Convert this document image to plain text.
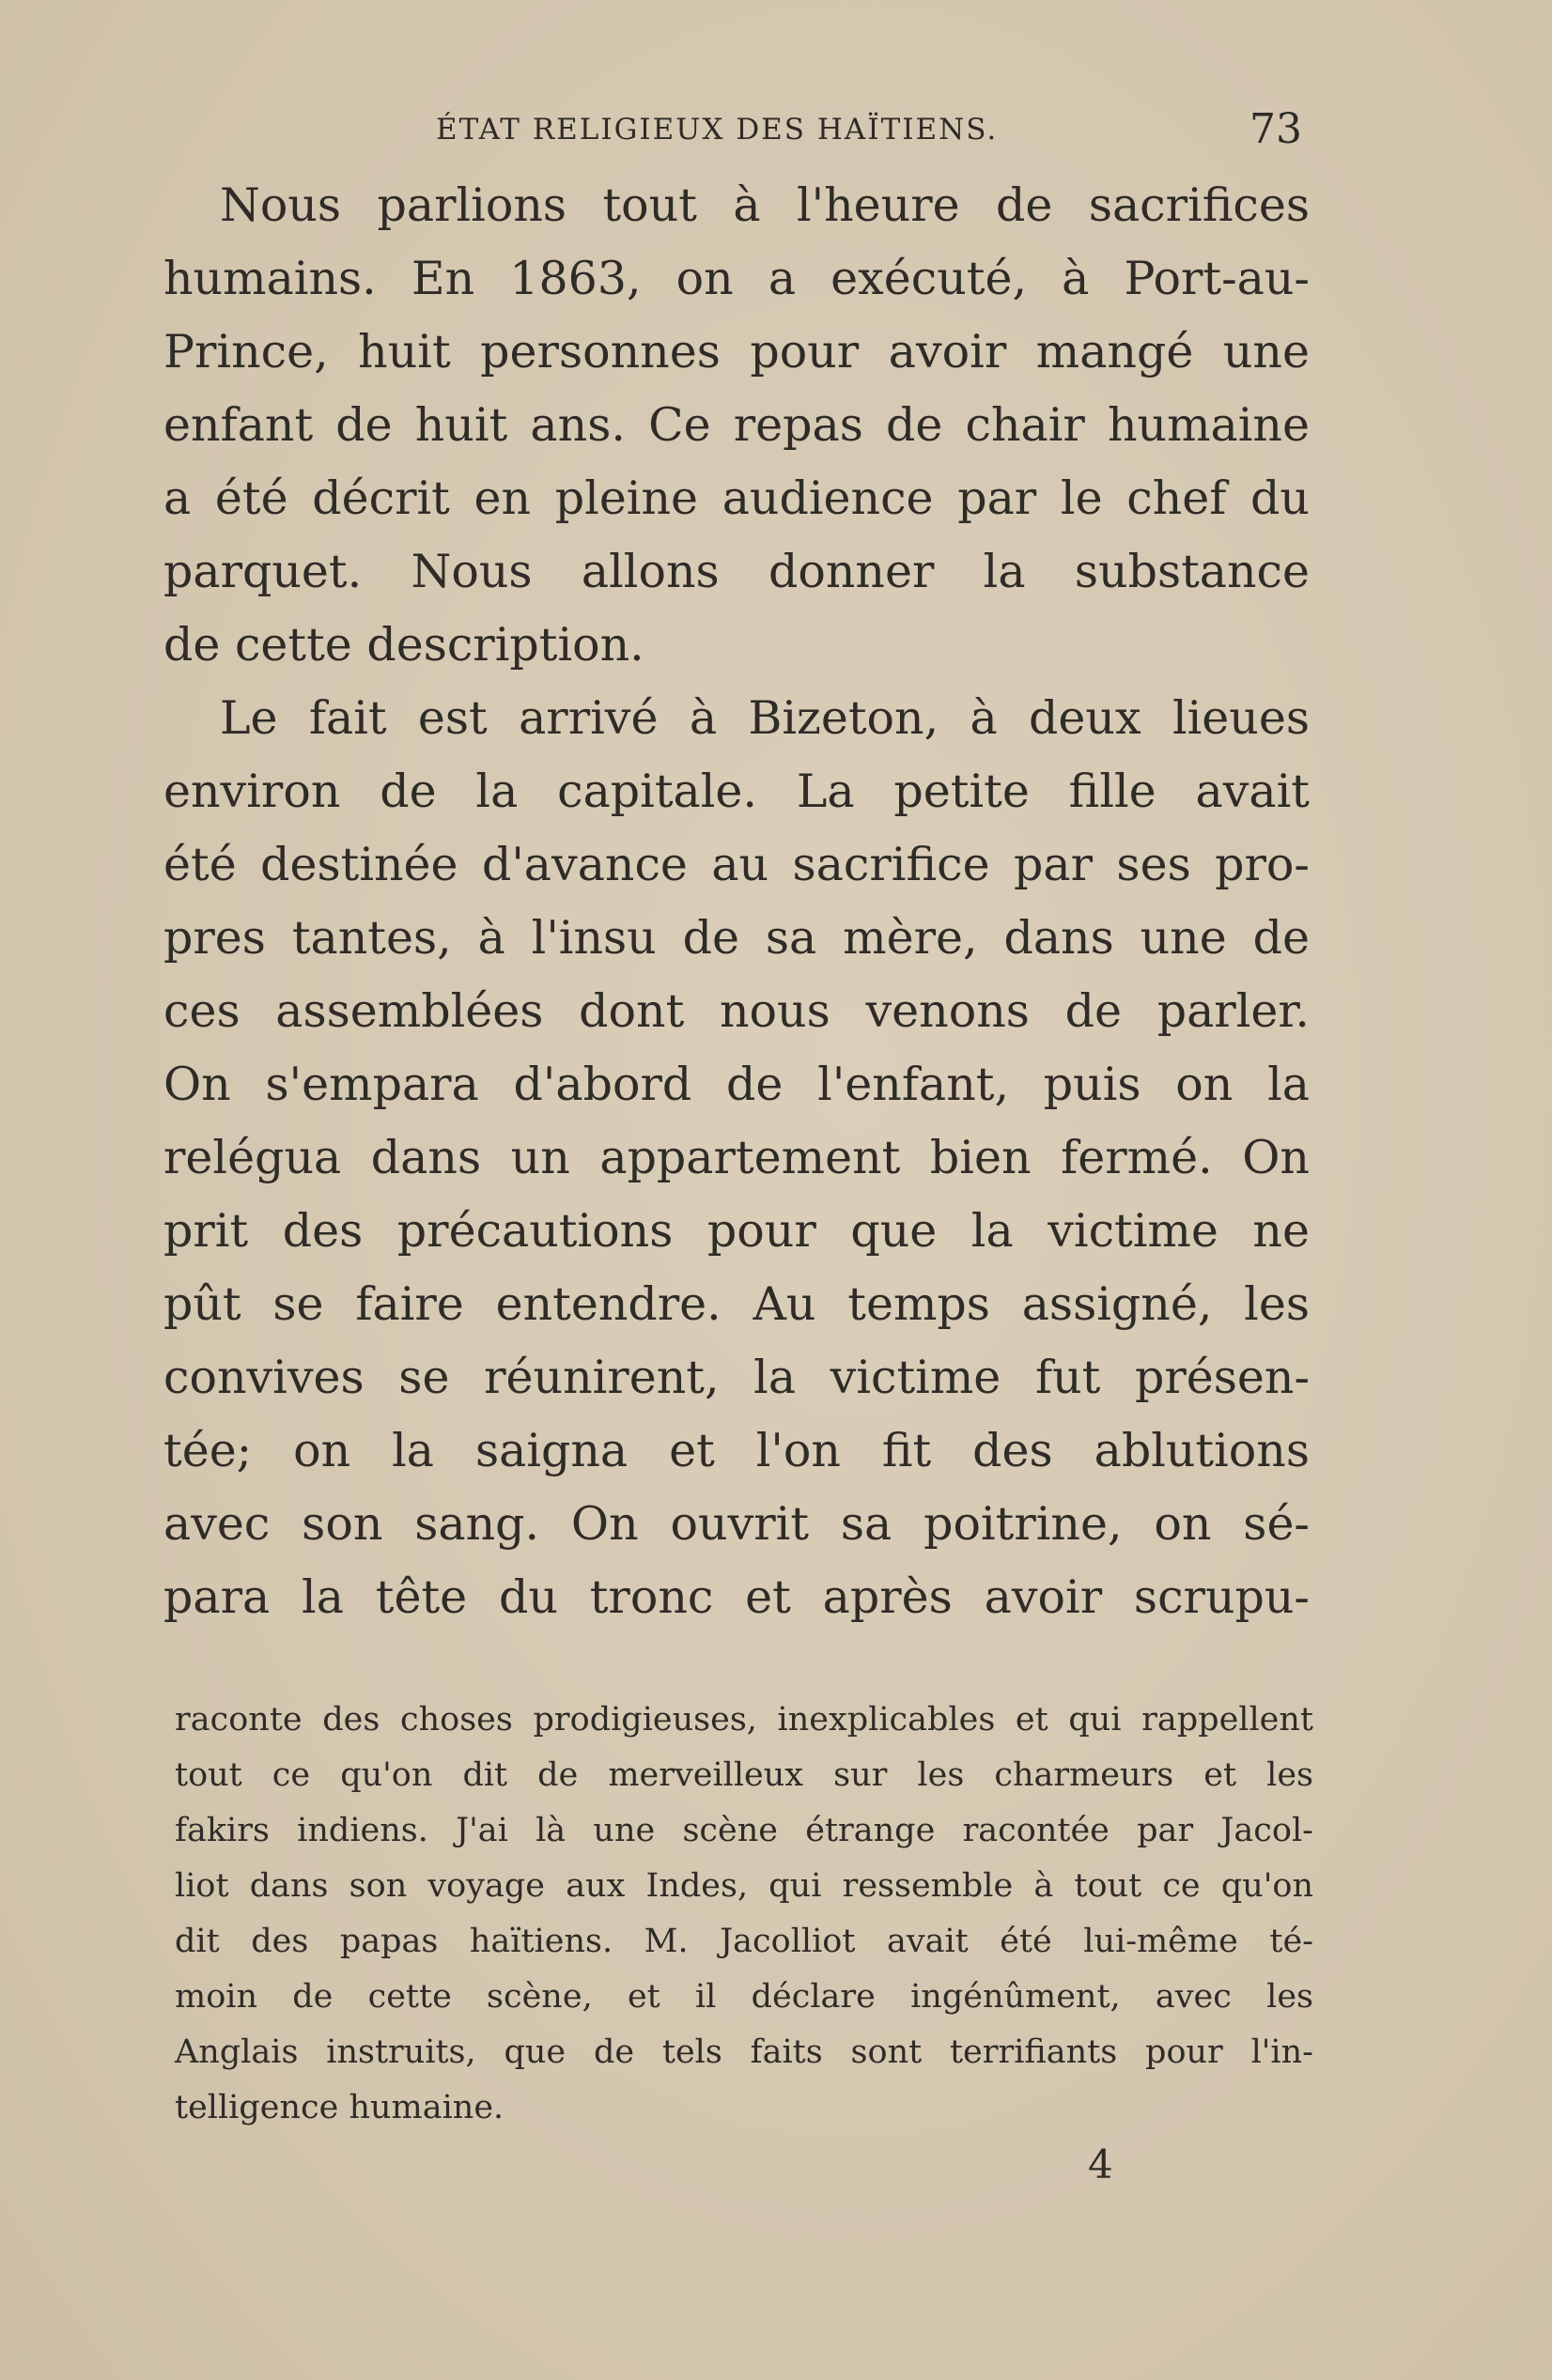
ÉTAT RELIGIEUX DES HAÏTIENS.	73
Nous parlions tout à l'heure de sacrifices
humains. En 1863, on a exécuté, à Port-au-
Prince, huit personnes pour avoir mangé une
enfant de huit ans. Ce repas de chair humaine
a été décrit en pleine audience par le chef du
parquet. Nous allons donner la substance
de cette description.
Le fait est arrivé à Bizeton, à deux lieues
environ de la capitale. La petite fille avait
été destinée d'avance au sacrifice par ses pro-
pres tantes, à l'insu de sa mère, dans une de
ces assemblées dont nous venons de parler.
On s'empara d'abord de l'enfant, puis on la
relégua dans un appartement bien fermé. On
prit des précautions pour que la victime ne
pût se faire entendre. Au temps assigné, les
convives se réunirent, la victime fut présen-
tée; on la saigna et l'on fit des ablutions
avec son sang. On ouvrit sa poitrine, on sé-
para la tête du tronc et après avoir scrupu-
raconte des choses prodigieuses, inexplicables et qui rappellent
tout ce qu'on dit de merveilleux sur les charmeurs et les
fakirs indiens. J'ai là une scène étrange racontée par Jacol-
liot dans son voyage aux Indes, qui ressemble à tout ce qu'on
dit des papas haïtiens. M. Jacolliot avait été lui-même té-
moin de cette scène, et il déclare ingénûment, avec les
Anglais instruits, que de tels faits sont terrifiants pour l'in-
telligence humaine.
4
